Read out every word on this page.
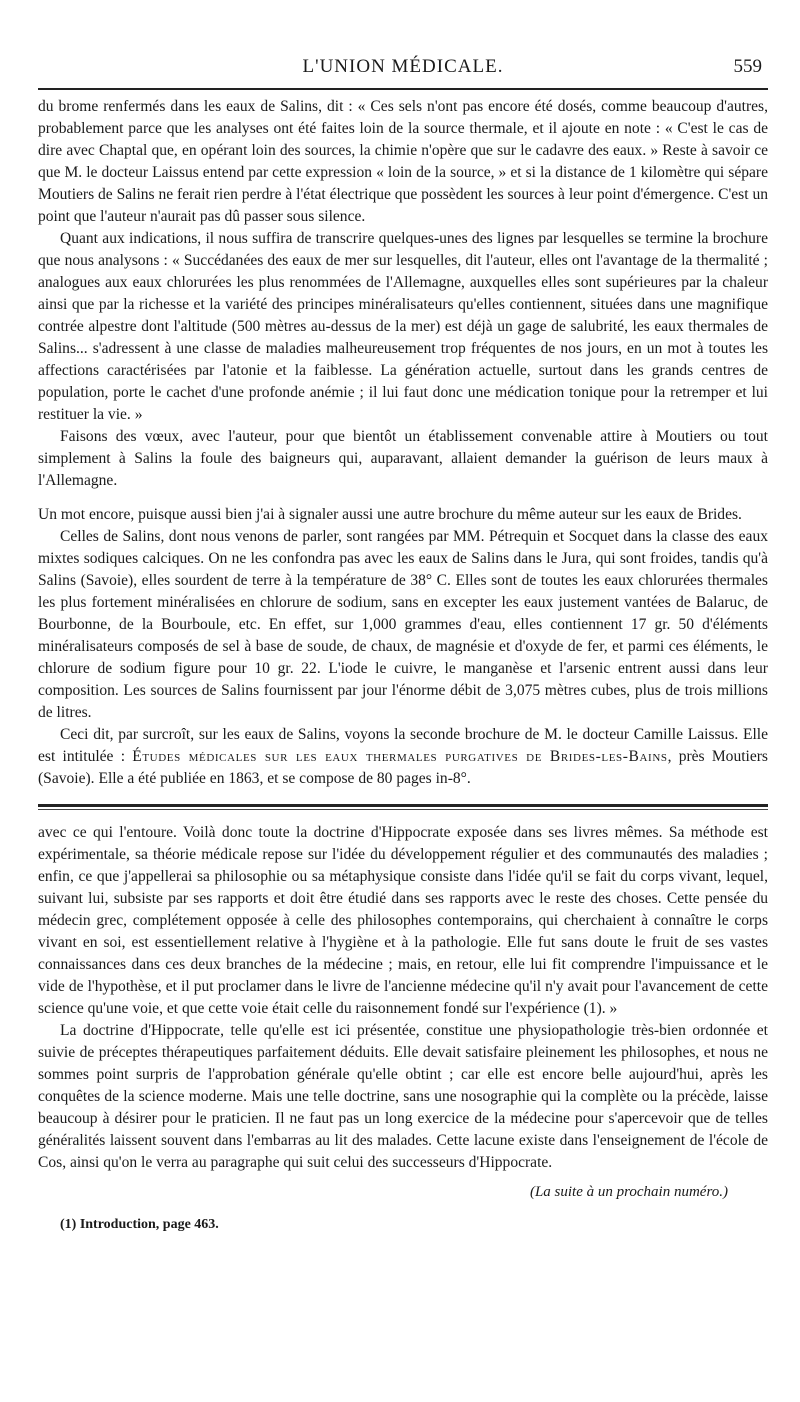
L'UNION MÉDICALE.	559

du brome renfermés dans les eaux de Salins, dit : « Ces sels n'ont pas encore été dosés, comme beaucoup d'autres, probablement parce que les analyses ont été faites loin de la source thermale, et il ajoute en note : « C'est le cas de dire avec Chaptal que, en opérant loin des sources, la chimie n'opère que sur le cadavre des eaux. » Reste à savoir ce que M. le docteur Laissus entend par cette expression « loin de la source, » et si la distance de 1 kilomètre qui sépare Moutiers de Salins ne ferait rien perdre à l'état électrique que possèdent les sources à leur point d'émergence. C'est un point que l'auteur n'aurait pas dû passer sous silence.

Quant aux indications, il nous suffira de transcrire quelques-unes des lignes par lesquelles se termine la brochure que nous analysons : « Succédanées des eaux de mer sur lesquelles, dit l'auteur, elles ont l'avantage de la thermalité ; analogues aux eaux chlorurées les plus renommées de l'Allemagne, auxquelles elles sont supérieures par la chaleur ainsi que par la richesse et la variété des principes minéralisateurs qu'elles contiennent, situées dans une magnifique contrée alpestre dont l'altitude (500 mètres au-dessus de la mer) est déjà un gage de salubrité, les eaux thermales de Salins... s'adressent à une classe de maladies malheureusement trop fréquentes de nos jours, en un mot à toutes les affections caractérisées par l'atonie et la faiblesse. La génération actuelle, surtout dans les grands centres de population, porte le cachet d'une profonde anémie ; il lui faut donc une médication tonique pour la retremper et lui restituer la vie. »

Faisons des vœux, avec l'auteur, pour que bientôt un établissement convenable attire à Moutiers ou tout simplement à Salins la foule des baigneurs qui, auparavant, allaient demander la guérison de leurs maux à l'Allemagne.

Un mot encore, puisque aussi bien j'ai à signaler aussi une autre brochure du même auteur sur les eaux de Brides.

Celles de Salins, dont nous venons de parler, sont rangées par MM. Pétrequin et Socquet dans la classe des eaux mixtes sodiques calciques. On ne les confondra pas avec les eaux de Salins dans le Jura, qui sont froides, tandis qu'à Salins (Savoie), elles sourdent de terre à la température de 38° C. Elles sont de toutes les eaux chlorurées thermales les plus fortement minéralisées en chlorure de sodium, sans en excepter les eaux justement vantées de Balaruc, de Bourbonne, de la Bourboule, etc. En effet, sur 1,000 grammes d'eau, elles contiennent 17 gr. 50 d'éléments minéralisateurs composés de sel à base de soude, de chaux, de magnésie et d'oxyde de fer, et parmi ces éléments, le chlorure de sodium figure pour 10 gr. 22. L'iode le cuivre, le manganèse et l'arsenic entrent aussi dans leur composition. Les sources de Salins fournissent par jour l'énorme débit de 3,075 mètres cubes, plus de trois millions de litres.

Ceci dit, par surcroît, sur les eaux de Salins, voyons la seconde brochure de M. le docteur Camille Laissus. Elle est intitulée : Études médicales sur les eaux thermales purgatives de Brides-les-Bains, près Moutiers (Savoie). Elle a été publiée en 1863, et se compose de 80 pages in-8°.

avec ce qui l'entoure. Voilà donc toute la doctrine d'Hippocrate exposée dans ses livres mêmes. Sa méthode est expérimentale, sa théorie médicale repose sur l'idée du développement régulier et des communautés des maladies ; enfin, ce que j'appellerai sa philosophie ou sa métaphysique consiste dans l'idée qu'il se fait du corps vivant, lequel, suivant lui, subsiste par ses rapports et doit être étudié dans ses rapports avec le reste des choses. Cette pensée du médecin grec, complétement opposée à celle des philosophes contemporains, qui cherchaient à connaître le corps vivant en soi, est essentiellement relative à l'hygiène et à la pathologie. Elle fut sans doute le fruit de ses vastes connaissances dans ces deux branches de la médecine ; mais, en retour, elle lui fit comprendre l'impuissance et le vide de l'hypothèse, et il put proclamer dans le livre de l'ancienne médecine qu'il n'y avait pour l'avancement de cette science qu'une voie, et que cette voie était celle du raisonnement fondé sur l'expérience (1). »

La doctrine d'Hippocrate, telle qu'elle est ici présentée, constitue une physiopathologie très-bien ordonnée et suivie de préceptes thérapeutiques parfaitement déduits. Elle devait satisfaire pleinement les philosophes, et nous ne sommes point surpris de l'approbation générale qu'elle obtint ; car elle est encore belle aujourd'hui, après les conquêtes de la science moderne. Mais une telle doctrine, sans une nosographie qui la complète ou la précède, laisse beaucoup à désirer pour le praticien. Il ne faut pas un long exercice de la médecine pour s'apercevoir que de telles généralités laissent souvent dans l'embarras au lit des malades. Cette lacune existe dans l'enseignement de l'école de Cos, ainsi qu'on le verra au paragraphe qui suit celui des successeurs d'Hippocrate.

(La suite à un prochain numéro.)
(1) Introduction, page 463.
